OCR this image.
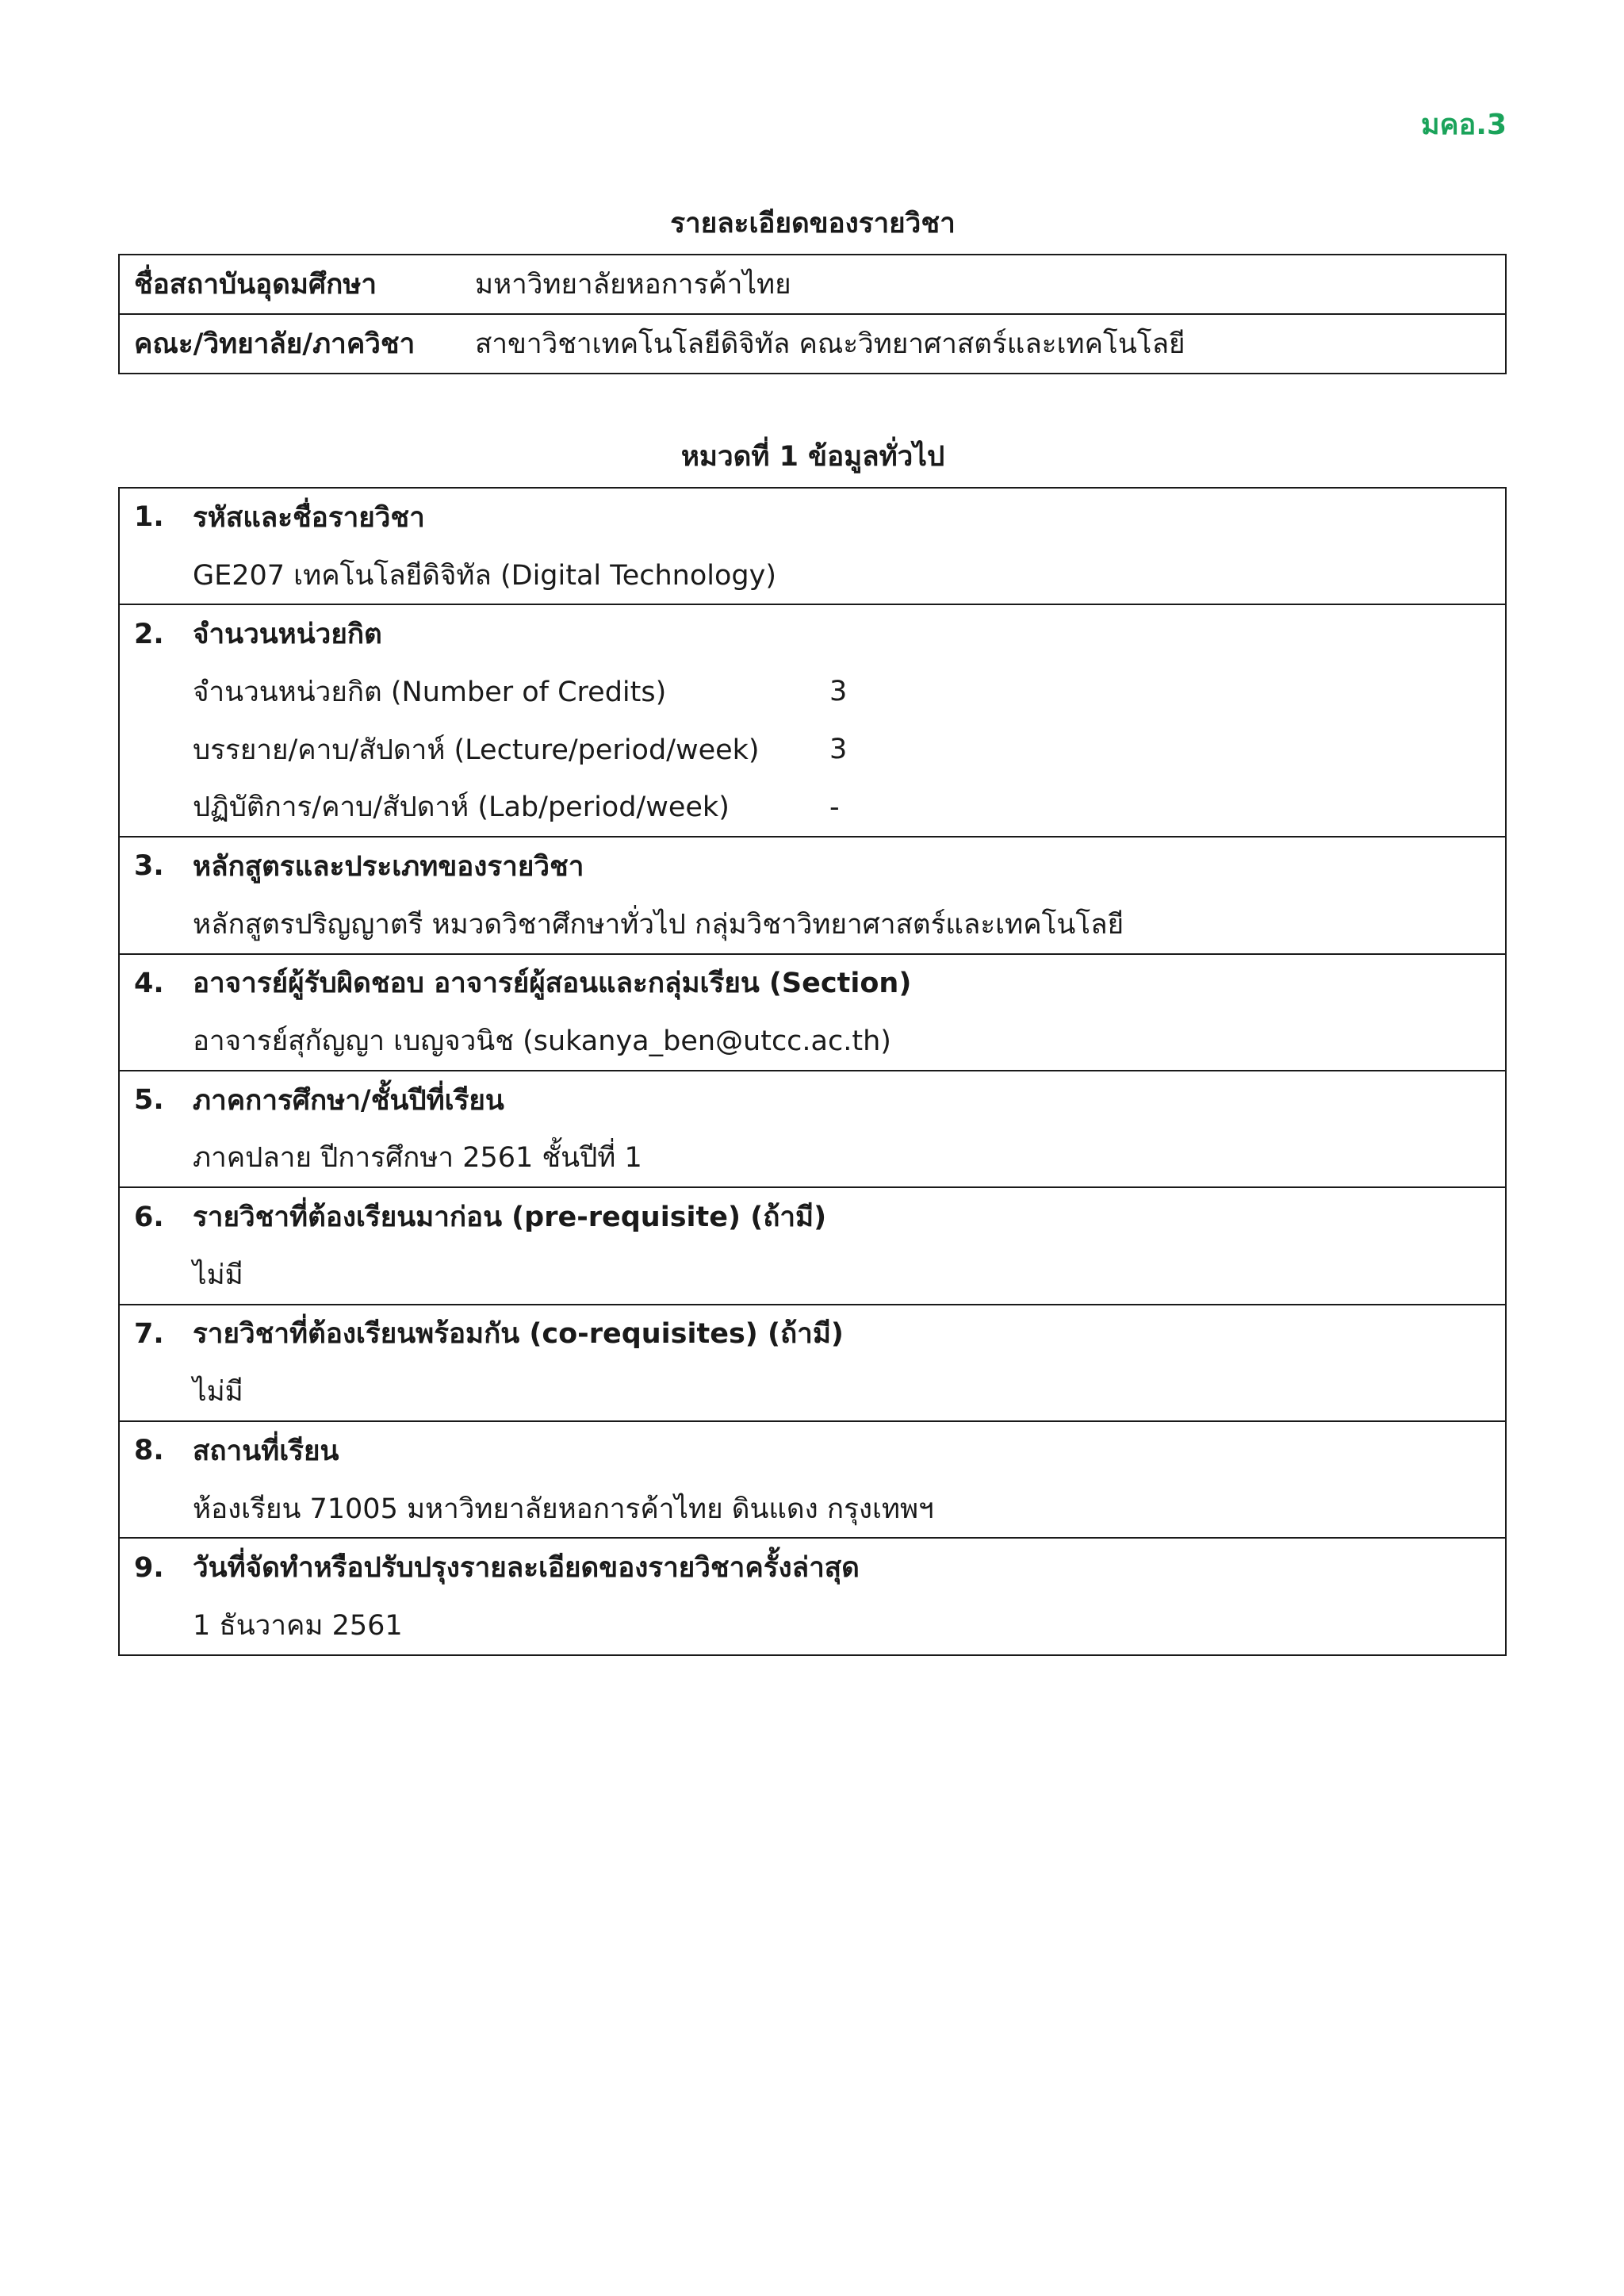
มคอ.3
รายละเอียดของรายวิชา
ชื่อสถาบันอุดมศึกษา	มหาวิทยาลัยหอการค้าไทย
คณะ/วิทยาลัย/ภาควิชา	สาขาวิชาเทคโนโลยีดิจิทัล คณะวิทยาศาสตร์และเทคโนโลยี
หมวดที่ 1 ข้อมูลทั่วไป
1.	รหัสและชื่อรายวิชา
GE207 เทคโนโลยีดิจิทัล (Digital Technology)
2.	จำนวนหน่วยกิต
จำนวนหน่วยกิต (Number of Credits)	3
บรรยาย/คาบ/สัปดาห์ (Lecture/period/week)	3
ปฏิบัติการ/คาบ/สัปดาห์ (Lab/period/week)	-
3.	หลักสูตรและประเภทของรายวิชา
หลักสูตรปริญญาตรี หมวดวิชาศึกษาทั่วไป กลุ่มวิชาวิทยาศาสตร์และเทคโนโลยี
4.	อาจารย์ผู้รับผิดชอบ อาจารย์ผู้สอนและกลุ่มเรียน (Section)
อาจารย์สุกัญญา เบญจวนิช (sukanya_ben@utcc.ac.th)
5.	ภาคการศึกษา/ชั้นปีที่เรียน
ภาคปลาย ปีการศึกษา 2561 ชั้นปีที่ 1
6.	รายวิชาที่ต้องเรียนมาก่อน (pre-requisite) (ถ้ามี)
ไม่มี
7.	รายวิชาที่ต้องเรียนพร้อมกัน (co-requisites) (ถ้ามี)
ไม่มี
8.	สถานที่เรียน
ห้องเรียน 71005 มหาวิทยาลัยหอการค้าไทย ดินแดง กรุงเทพฯ
9.	วันที่จัดทำหรือปรับปรุงรายละเอียดของรายวิชาครั้งล่าสุด
1 ธันวาคม 2561
